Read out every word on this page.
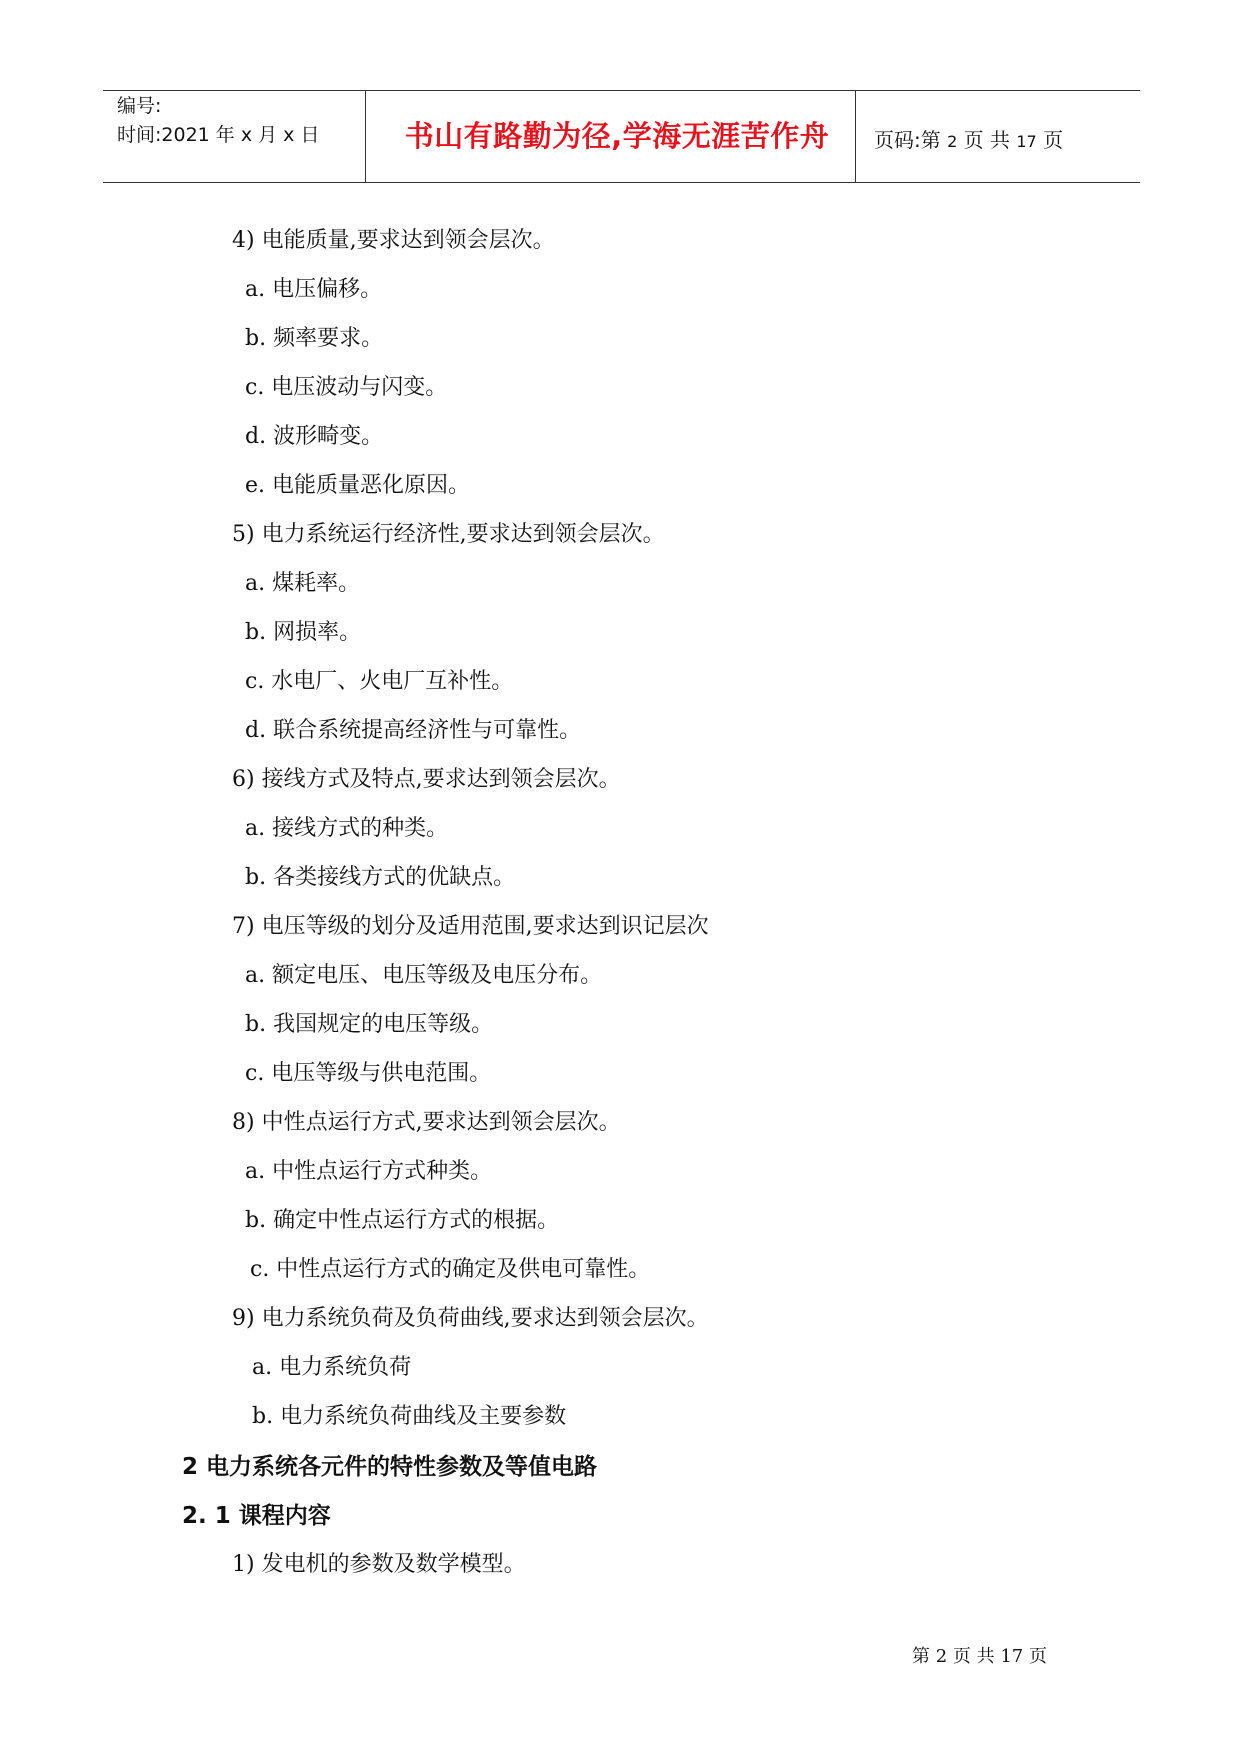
编号:
时间:2021 年 x 月 x 日	书山有路勤为径,学海无涯苦作舟	页码:第 2 页 共 17 页
4) 电能质量,要求达到领会层次。
a. 电压偏移。
b. 频率要求。
c. 电压波动与闪变。
d. 波形畸变。
e. 电能质量恶化原因。
5) 电力系统运行经济性,要求达到领会层次。
a. 煤耗率。
b. 网损率。
c. 水电厂、火电厂互补性。
d. 联合系统提高经济性与可靠性。
6) 接线方式及特点,要求达到领会层次。
a. 接线方式的种类。
b. 各类接线方式的优缺点。
7) 电压等级的划分及适用范围,要求达到识记层次
a. 额定电压、电压等级及电压分布。
b. 我国规定的电压等级。
c. 电压等级与供电范围。
8) 中性点运行方式,要求达到领会层次。
a. 中性点运行方式种类。
b. 确定中性点运行方式的根据。
c. 中性点运行方式的确定及供电可靠性。
9) 电力系统负荷及负荷曲线,要求达到领会层次。
a. 电力系统负荷
b. 电力系统负荷曲线及主要参数
2 电力系统各元件的特性参数及等值电路
2. 1 课程内容
1) 发电机的参数及数学模型。
第 2 页 共 17 页
